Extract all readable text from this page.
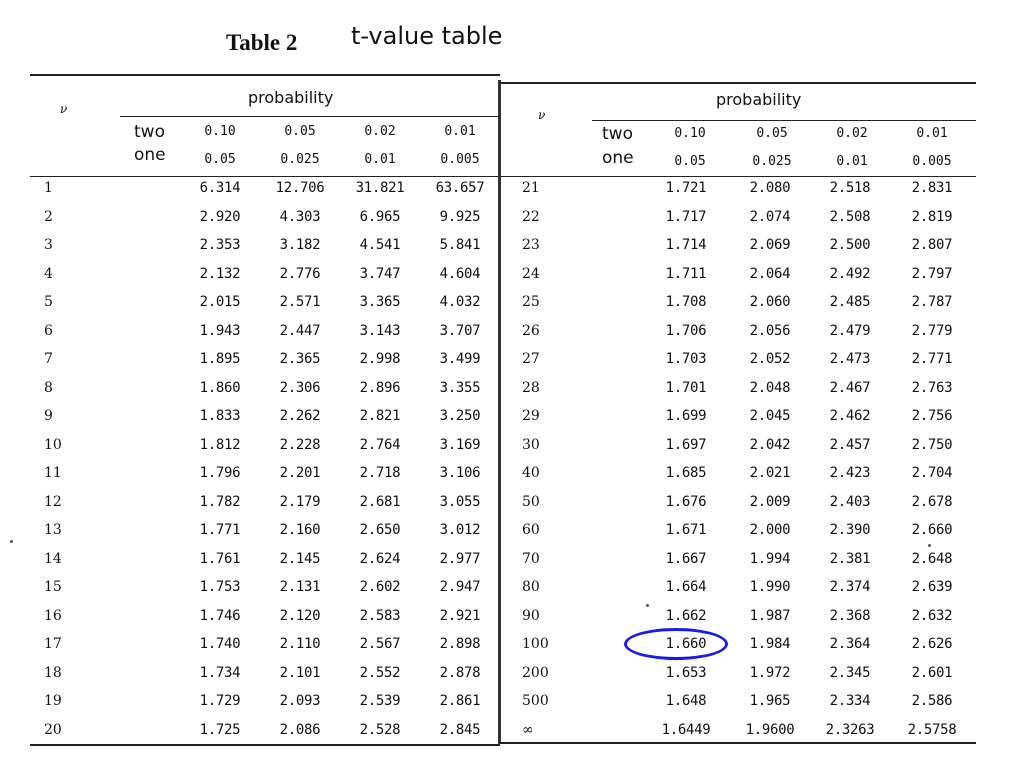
Table 2 t-value table
ν
probability
two
one
0.10	0.05	0.02	0.01
0.05	0.025	0.01	0.005
1	6.314	12.706	31.821	63.657
2	2.920	4.303	6.965	9.925
3	2.353	3.182	4.541	5.841
4	2.132	2.776	3.747	4.604
5	2.015	2.571	3.365	4.032
6	1.943	2.447	3.143	3.707
7	1.895	2.365	2.998	3.499
8	1.860	2.306	2.896	3.355
9	1.833	2.262	2.821	3.250
10	1.812	2.228	2.764	3.169
11	1.796	2.201	2.718	3.106
12	1.782	2.179	2.681	3.055
13	1.771	2.160	2.650	3.012
14	1.761	2.145	2.624	2.977
15	1.753	2.131	2.602	2.947
16	1.746	2.120	2.583	2.921
17	1.740	2.110	2.567	2.898
18	1.734	2.101	2.552	2.878
19	1.729	2.093	2.539	2.861
20	1.725	2.086	2.528	2.845
ν
probability
two
one
0.10	0.05	0.02	0.01
0.05	0.025	0.01	0.005
21	1.721	2.080	2.518	2.831
22	1.717	2.074	2.508	2.819
23	1.714	2.069	2.500	2.807
24	1.711	2.064	2.492	2.797
25	1.708	2.060	2.485	2.787
26	1.706	2.056	2.479	2.779
27	1.703	2.052	2.473	2.771
28	1.701	2.048	2.467	2.763
29	1.699	2.045	2.462	2.756
30	1.697	2.042	2.457	2.750
40	1.685	2.021	2.423	2.704
50	1.676	2.009	2.403	2.678
60	1.671	2.000	2.390	2.660
70	1.667	1.994	2.381	2.648
80	1.664	1.990	2.374	2.639
90	1.662	1.987	2.368	2.632
100	1.660	1.984	2.364	2.626
200	1.653	1.972	2.345	2.601
500	1.648	1.965	2.334	2.586
∞	1.6449	1.9600	2.3263	2.5758
